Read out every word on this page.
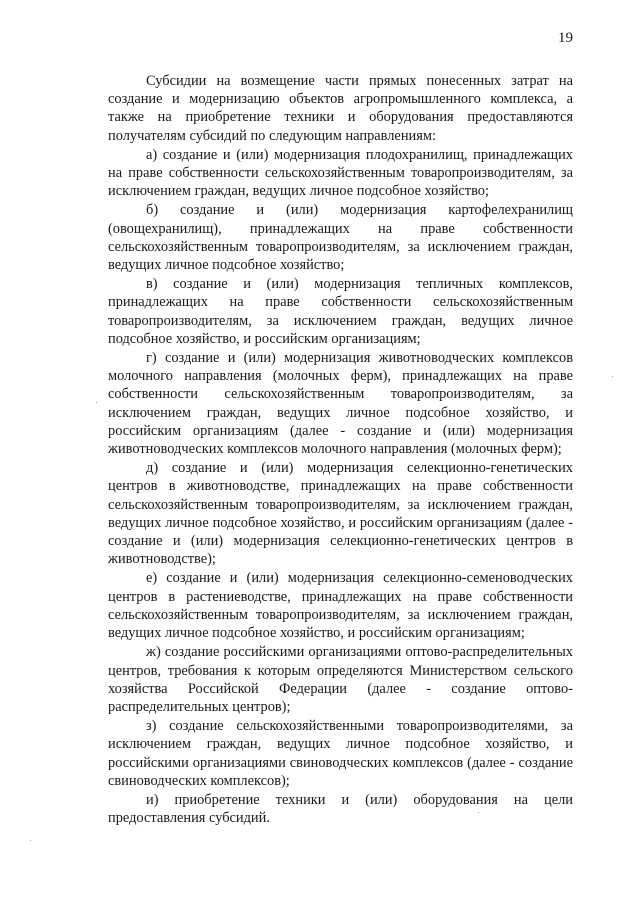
19

Субсидии на возмещение части прямых понесенных затрат на создание и модернизацию объектов агропромышленного комплекса, а также на приобретение техники и оборудования предоставляются получателям субсидий по следующим направлениям:

а) создание и (или) модернизация плодохранилищ, принадлежащих на праве собственности сельскохозяйственным товаропроизводителям, за исключением граждан, ведущих личное подсобное хозяйство;

б) создание и (или) модернизация картофелехранилищ (овощехранилищ), принадлежащих на праве собственности сельскохозяйственным товаропроизводителям, за исключением граждан, ведущих личное подсобное хозяйство;

в) создание и (или) модернизация тепличных комплексов, принадлежащих на праве собственности сельскохозяйственным товаропроизводителям, за исключением граждан, ведущих личное подсобное хозяйство, и российским организациям;

г) создание и (или) модернизация животноводческих комплексов молочного направления (молочных ферм), принадлежащих на праве собственности сельскохозяйственным товаропроизводителям, за исключением граждан, ведущих личное подсобное хозяйство, и российским организациям (далее - создание и (или) модернизация животноводческих комплексов молочного направления (молочных ферм);

д) создание и (или) модернизация селекционно-генетических центров в животноводстве, принадлежащих на праве собственности сельскохозяйственным товаропроизводителям, за исключением граждан, ведущих личное подсобное хозяйство, и российским организациям (далее - создание и (или) модернизация селекционно-генетических центров в животноводстве);

е) создание и (или) модернизация селекционно-семеноводческих центров в растениеводстве, принадлежащих на праве собственности сельскохозяйственным товаропроизводителям, за исключением граждан, ведущих личное подсобное хозяйство, и российским организациям;

ж) создание российскими организациями оптово-распределительных центров, требования к которым определяются Министерством сельского хозяйства Российской Федерации (далее - создание оптово-распределительных центров);

з) создание сельскохозяйственными товаропроизводителями, за исключением граждан, ведущих личное подсобное хозяйство, и российскими организациями свиноводческих комплексов (далее - создание свиноводческих комплексов);

и) приобретение техники и (или) оборудования на цели предоставления субсидий.
